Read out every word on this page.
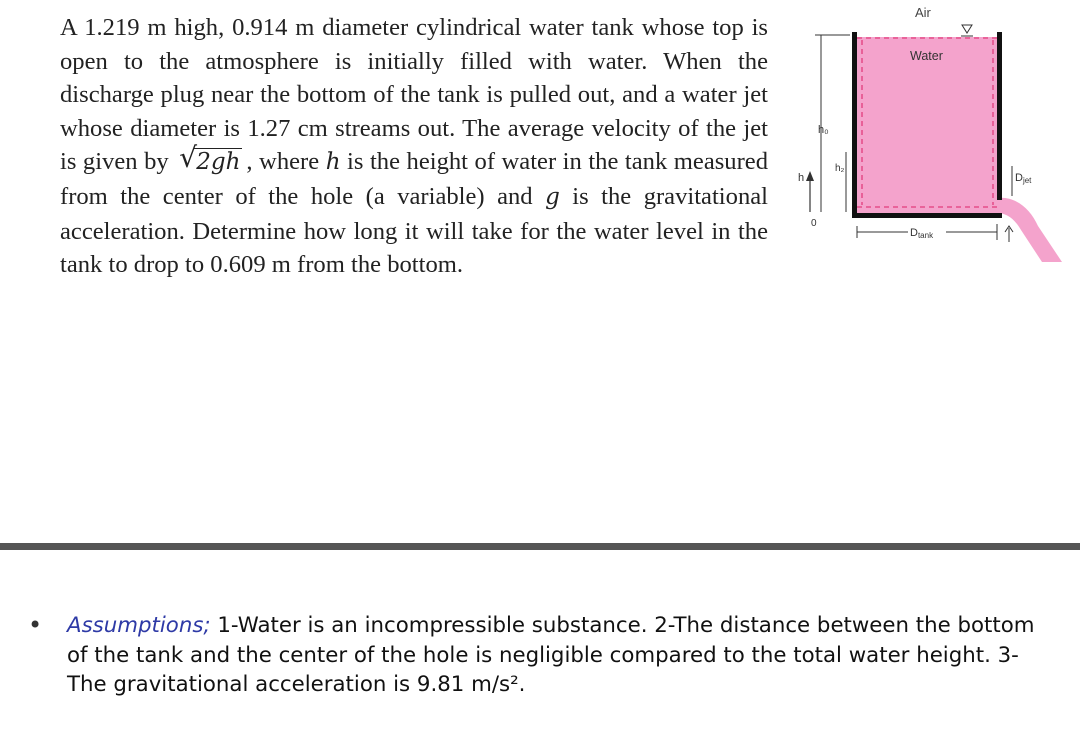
A 1.219 m high, 0.914 m diameter cylindrical water tank whose top is open to the atmosphere is initially filled with water. When the discharge plug near the bottom of the tank is pulled out, and a water jet whose diameter is 1.27 cm streams out. The average velocity of the jet is given by √ 2gh , where h is the height of water in the tank measured from the center of the hole (a variable) and g is the gravitational acceleration. Determine how long it will take for the water level in the tank to drop to 0.609 m from the bottom.

Air
Water
h₀
h
h₂
0
Dtank
Djet
• Assumptions; 1-Water is an incompressible substance. 2-The distance between the bottom of the tank and the center of the hole is negligible compared to the total water height. 3-The gravitational acceleration is 9.81 m/s².
